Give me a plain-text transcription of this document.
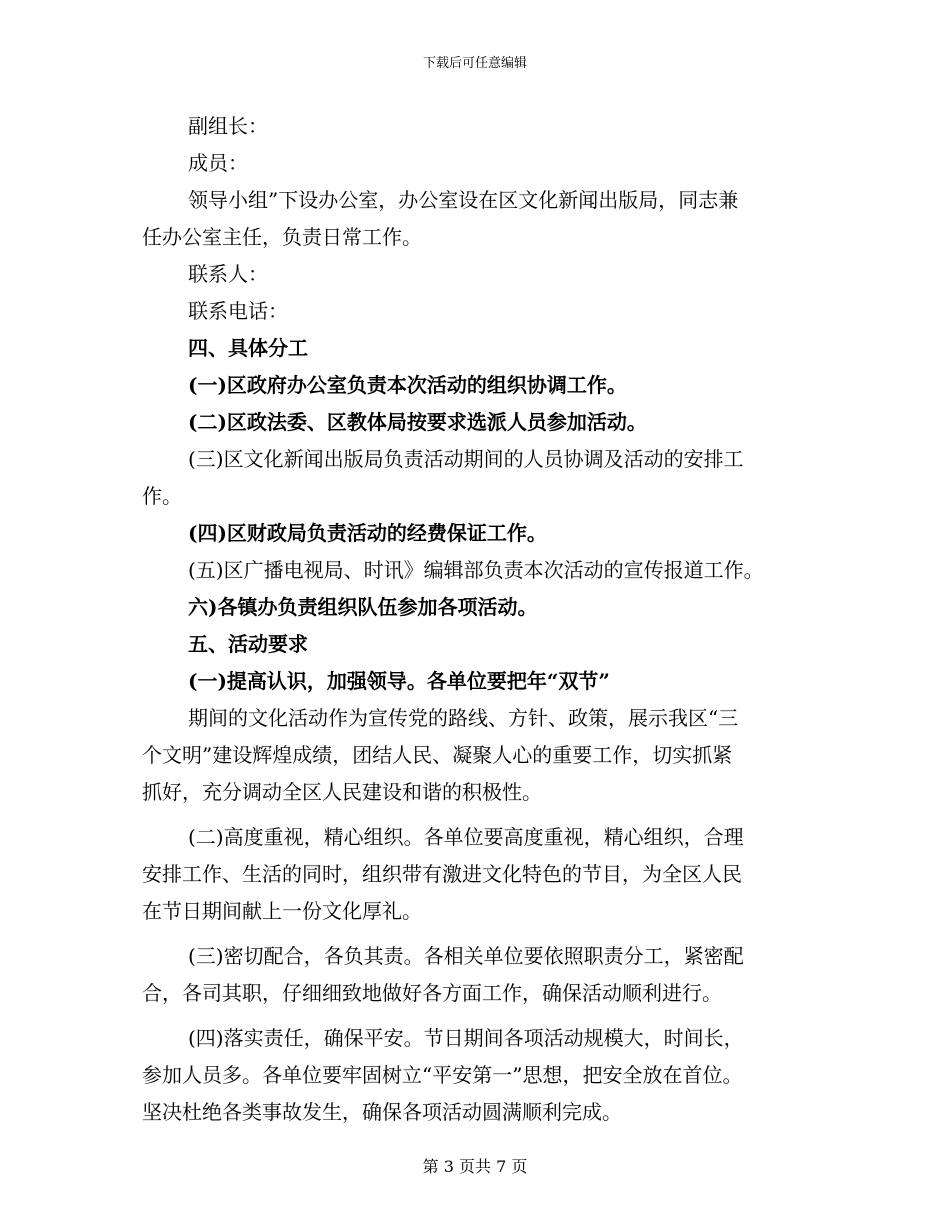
下载后可任意编辑
副组长：
成员：
领导小组”下设办公室，办公室设在区文化新闻出版局，同志兼
任办公室主任，负责日常工作。
联系人：
联系电话：
四、具体分工
(一)区政府办公室负责本次活动的组织协调工作。
(二)区政法委、区教体局按要求选派人员参加活动。
(三)区文化新闻出版局负责活动期间的人员协调及活动的安排工
作。
(四)区财政局负责活动的经费保证工作。
(五)区广播电视局、时讯》编辑部负责本次活动的宣传报道工作。
六)各镇办负责组织队伍参加各项活动。
五、活动要求
(一)提高认识，加强领导。各单位要把年“双节”
期间的文化活动作为宣传党的路线、方针、政策，展示我区“三
个文明”建设辉煌成绩，团结人民、凝聚人心的重要工作，切实抓紧
抓好，充分调动全区人民建设和谐的积极性。
(二)高度重视，精心组织。各单位要高度重视，精心组织，合理
安排工作、生活的同时，组织带有激进文化特色的节目，为全区人民
在节日期间献上一份文化厚礼。
(三)密切配合，各负其责。各相关单位要依照职责分工，紧密配
合，各司其职，仔细细致地做好各方面工作，确保活动顺利进行。
(四)落实责任，确保平安。节日期间各项活动规模大，时间长，
参加人员多。各单位要牢固树立“平安第一”思想，把安全放在首位。
坚决杜绝各类事故发生，确保各项活动圆满顺利完成。
第 3 页共 7 页
